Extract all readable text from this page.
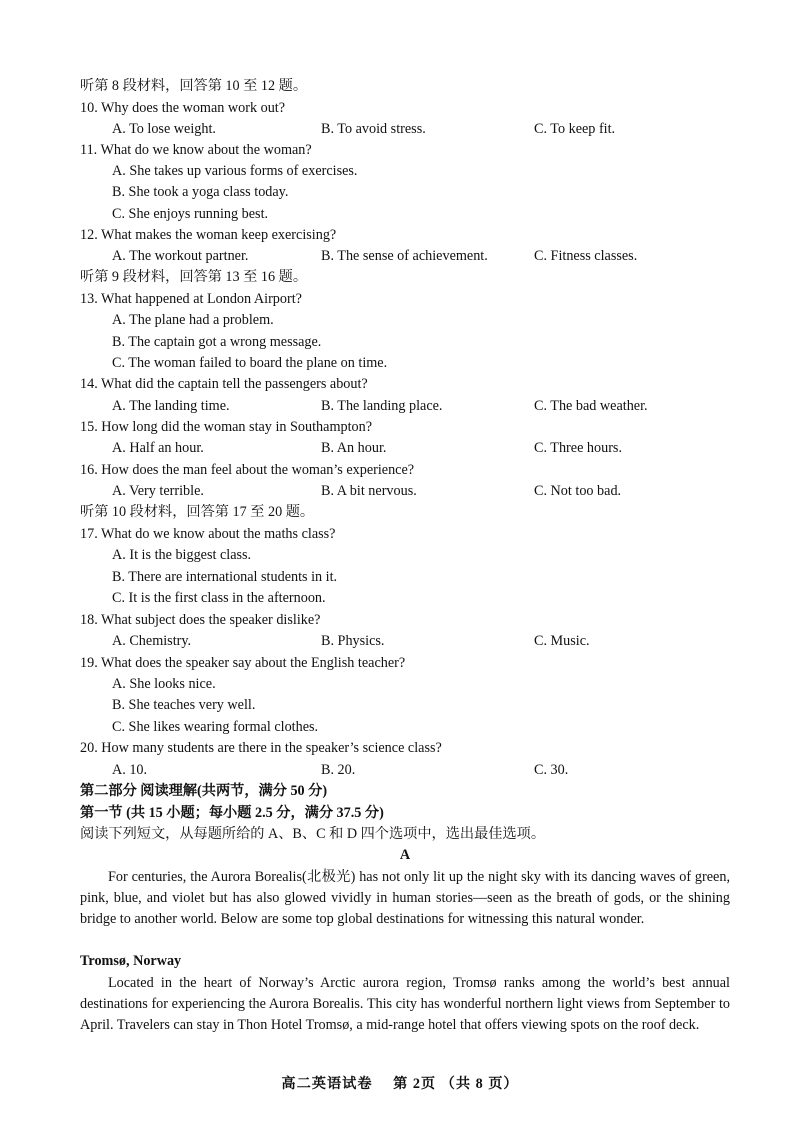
听第 8 段材料，回答第 10 至 12 题。
10. Why does the woman work out?
A. To lose weight.	B. To avoid stress.	C. To keep fit.
11. What do we know about the woman?
A. She takes up various forms of exercises.
B. She took a yoga class today.
C. She enjoys running best.
12. What makes the woman keep exercising?
A. The workout partner.	B. The sense of achievement.	C. Fitness classes.
听第 9 段材料，回答第 13 至 16 题。
13. What happened at London Airport?
A. The plane had a problem.
B. The captain got a wrong message.
C. The woman failed to board the plane on time.
14. What did the captain tell the passengers about?
A. The landing time.	B. The landing place.	C. The bad weather.
15. How long did the woman stay in Southampton?
A. Half an hour.	B. An hour.	C. Three hours.
16. How does the man feel about the woman’s experience?
A. Very terrible.	B. A bit nervous.	C. Not too bad.
听第 10 段材料，回答第 17 至 20 题。
17. What do we know about the maths class?
A. It is the biggest class.
B. There are international students in it.
C. It is the first class in the afternoon.
18. What subject does the speaker dislike?
A. Chemistry.	B. Physics.	C. Music.
19. What does the speaker say about the English teacher?
A. She looks nice.
B. She teaches very well.
C. She likes wearing formal clothes.
20. How many students are there in the speaker’s science class?
A. 10.	B. 20.	C. 30.
第二部分 阅读理解(共两节，满分 50 分)
第一节 (共 15 小题；每小题 2.5 分，满分 37.5 分)
阅读下列短文，从每题所给的 A、B、C 和 D 四个选项中，选出最佳选项。
A
For centuries, the Aurora Borealis(北极光) has not only lit up the night sky with its dancing waves of green, pink, blue, and violet but has also glowed vividly in human stories—seen as the breath of gods, or the shining bridge to another world. Below are some top global destinations for witnessing this natural wonder.
Tromsø, Norway
Located in the heart of Norway’s Arctic aurora region, Tromsø ranks among the world’s best annual destinations for experiencing the Aurora Borealis. This city has wonderful northern light views from September to April. Travelers can stay in Thon Hotel Tromsø, a mid-range hotel that offers viewing spots on the roof deck.
高二英语试卷 第 2页 （共 8 页）
